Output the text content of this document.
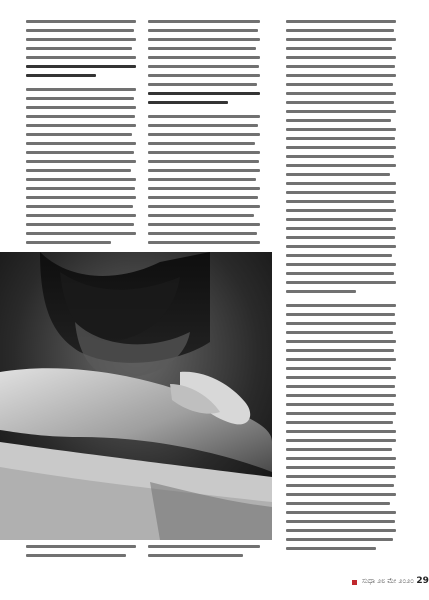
ಸುಧಾ ೨೮ ಮೇ ೨೦೨೦ 29
